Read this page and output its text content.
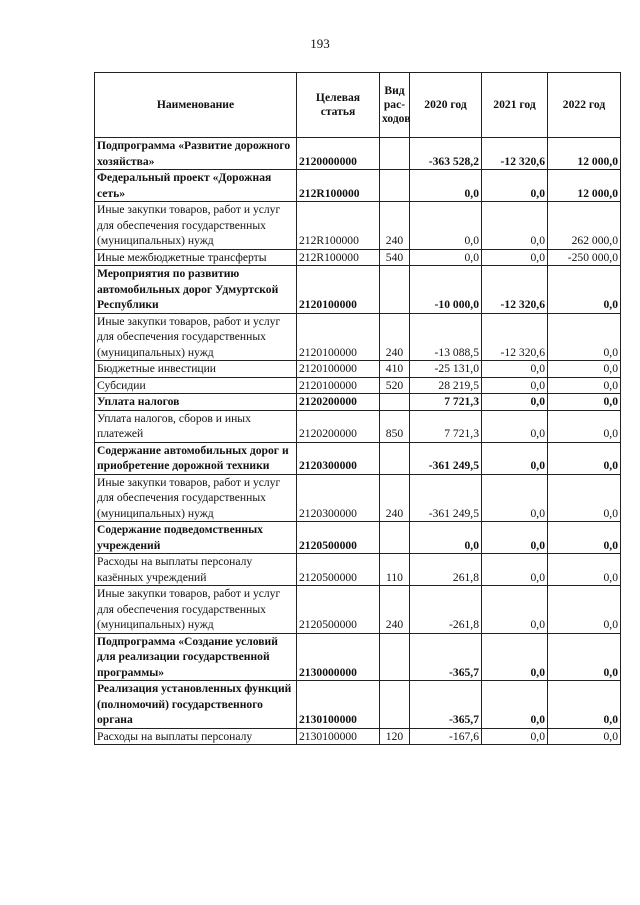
193
Наименование	Целевая статья	Вид рас-ходов	2020 год	2021 год	2022 год
Подпрограмма «Развитие дорожного хозяйства»	2120000000		-363 528,2	-12 320,6	12 000,0
Федеральный проект «Дорожная сеть»	212R100000		0,0	0,0	12 000,0
Иные закупки товаров, работ и услуг для обеспечения государственных (муниципальных) нужд	212R100000	240	0,0	0,0	262 000,0
Иные межбюджетные трансферты	212R100000	540	0,0	0,0	-250 000,0
Мероприятия по развитию автомобильных дорог Удмуртской Республики	2120100000		-10 000,0	-12 320,6	0,0
Иные закупки товаров, работ и услуг для обеспечения государственных (муниципальных) нужд	2120100000	240	-13 088,5	-12 320,6	0,0
Бюджетные инвестиции	2120100000	410	-25 131,0	0,0	0,0
Субсидии	2120100000	520	28 219,5	0,0	0,0
Уплата налогов	2120200000		7 721,3	0,0	0,0
Уплата налогов, сборов и иных платежей	2120200000	850	7 721,3	0,0	0,0
Содержание автомобильных дорог и приобретение дорожной техники	2120300000		-361 249,5	0,0	0,0
Иные закупки товаров, работ и услуг для обеспечения государственных (муниципальных) нужд	2120300000	240	-361 249,5	0,0	0,0
Содержание подведомственных учреждений	2120500000		0,0	0,0	0,0
Расходы на выплаты персоналу казённых учреждений	2120500000	110	261,8	0,0	0,0
Иные закупки товаров, работ и услуг для обеспечения государственных (муниципальных) нужд	2120500000	240	-261,8	0,0	0,0
Подпрограмма «Создание условий для реализации государственной программы»	2130000000		-365,7	0,0	0,0
Реализация установленных функций (полномочий) государственного органа	2130100000		-365,7	0,0	0,0
Расходы на выплаты персоналу	2130100000	120	-167,6	0,0	0,0
